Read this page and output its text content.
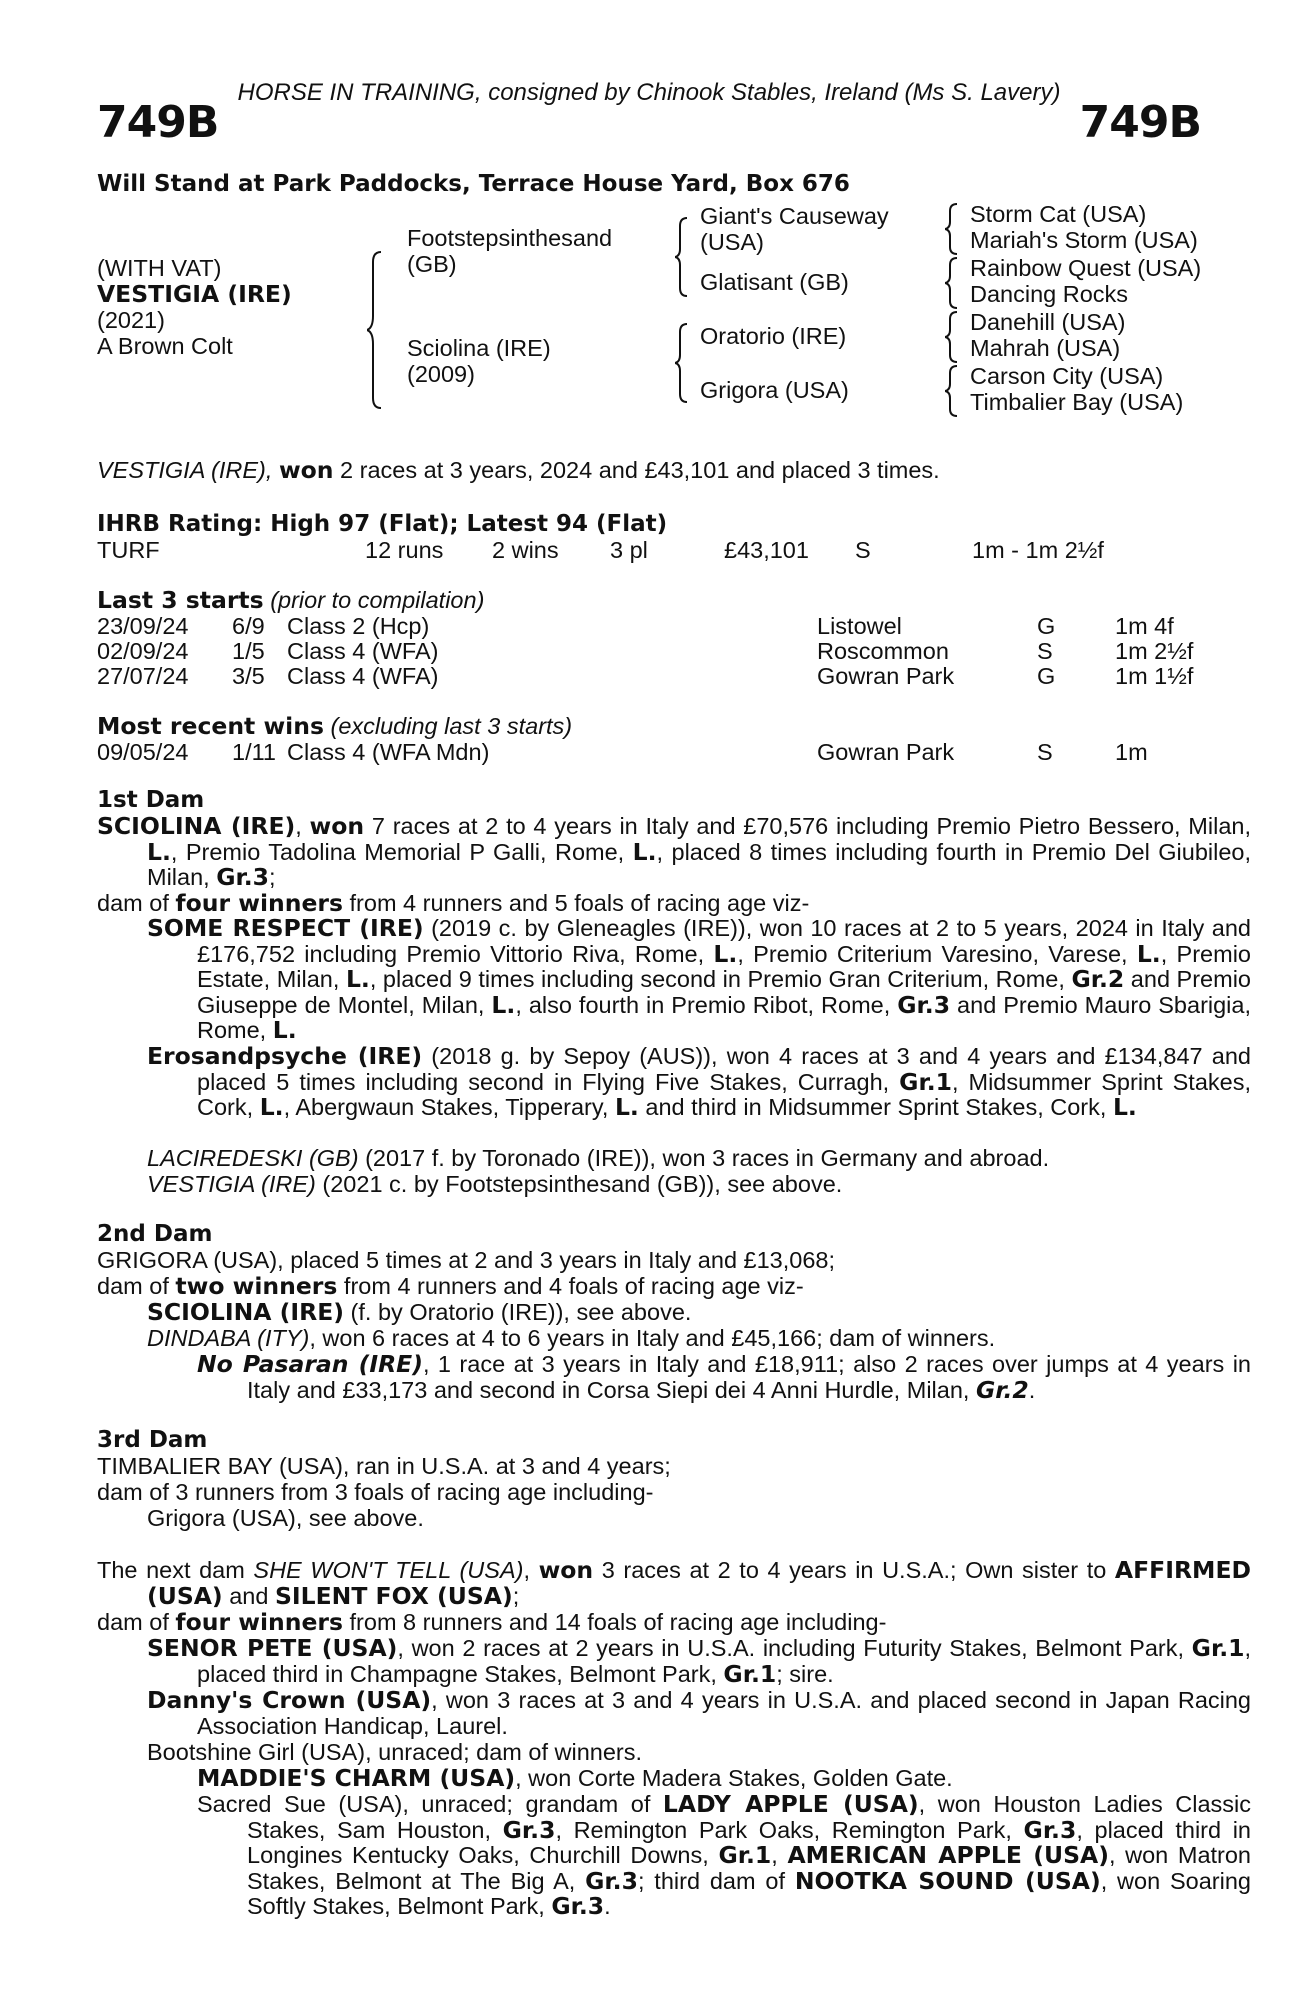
HORSE IN TRAINING, consigned by Chinook Stables, Ireland (Ms S. Lavery)
749B	749B
Will Stand at Park Paddocks, Terrace House Yard, Box 676
(WITH VAT)
VESTIGIA (IRE)
(2021)
A Brown Colt
Footstepsinthesand
(GB)
Sciolina (IRE)
(2009)
Giant's Causeway
(USA)
Glatisant (GB)
Oratorio (IRE)
Grigora (USA)
Storm Cat (USA)
Mariah's Storm (USA)
Rainbow Quest (USA)
Dancing Rocks
Danehill (USA)
Mahrah (USA)
Carson City (USA)
Timbalier Bay (USA)
VESTIGIA (IRE), won 2 races at 3 years, 2024 and £43,101 and placed 3 times.
IHRB Rating: High 97 (Flat); Latest 94 (Flat)
TURF	12 runs 2 wins 3 pl	£43,101 S	1m - 1m 2½f
Last 3 starts (prior to compilation)
23/09/24 6/9 Class 2 (Hcp)	Listowel	G	1m 4f
02/09/24 1/5 Class 4 (WFA)	Roscommon	S	1m 2½f
27/07/24 3/5 Class 4 (WFA)	Gowran Park	G	1m 1½f
Most recent wins (excluding last 3 starts)
09/05/24 1/11 Class 4 (WFA Mdn)	Gowran Park	S	1m
1st Dam
SCIOLINA (IRE), won 7 races at 2 to 4 years in Italy and £70,576 including Premio Pietro Bessero, Milan, L., Premio Tadolina Memorial P Galli, Rome, L., placed 8 times including fourth in Premio Del Giubileo, Milan, Gr.3;
dam of four winners from 4 runners and 5 foals of racing age viz-
SOME RESPECT (IRE) (2019 c. by Gleneagles (IRE)), won 10 races at 2 to 5 years, 2024 in Italy and £176,752 including Premio Vittorio Riva, Rome, L., Premio Criterium Varesino, Varese, L., Premio Estate, Milan, L., placed 9 times including second in Premio Gran Criterium, Rome, Gr.2 and Premio Giuseppe de Montel, Milan, L., also fourth in Premio Ribot, Rome, Gr.3 and Premio Mauro Sbarigia, Rome, L.
Erosandpsyche (IRE) (2018 g. by Sepoy (AUS)), won 4 races at 3 and 4 years and £134,847 and placed 5 times including second in Flying Five Stakes, Curragh, Gr.1, Midsummer Sprint Stakes, Cork, L., Abergwaun Stakes, Tipperary, L. and third in Midsummer Sprint Stakes, Cork, L.
LACIREDESKI (GB) (2017 f. by Toronado (IRE)), won 3 races in Germany and abroad.
VESTIGIA (IRE) (2021 c. by Footstepsinthesand (GB)), see above.
2nd Dam
GRIGORA (USA), placed 5 times at 2 and 3 years in Italy and £13,068;
dam of two winners from 4 runners and 4 foals of racing age viz-
SCIOLINA (IRE) (f. by Oratorio (IRE)), see above.
DINDABA (ITY), won 6 races at 4 to 6 years in Italy and £45,166; dam of winners.
No Pasaran (IRE), 1 race at 3 years in Italy and £18,911; also 2 races over jumps at 4 years in Italy and £33,173 and second in Corsa Siepi dei 4 Anni Hurdle, Milan, Gr.2.
3rd Dam
TIMBALIER BAY (USA), ran in U.S.A. at 3 and 4 years;
dam of 3 runners from 3 foals of racing age including-
Grigora (USA), see above.
The next dam SHE WON'T TELL (USA), won 3 races at 2 to 4 years in U.S.A.; Own sister to AFFIRMED (USA) and SILENT FOX (USA);
dam of four winners from 8 runners and 14 foals of racing age including-
SENOR PETE (USA), won 2 races at 2 years in U.S.A. including Futurity Stakes, Belmont Park, Gr.1, placed third in Champagne Stakes, Belmont Park, Gr.1; sire.
Danny's Crown (USA), won 3 races at 3 and 4 years in U.S.A. and placed second in Japan Racing Association Handicap, Laurel.
Bootshine Girl (USA), unraced; dam of winners.
MADDIE'S CHARM (USA), won Corte Madera Stakes, Golden Gate.
Sacred Sue (USA), unraced; grandam of LADY APPLE (USA), won Houston Ladies Classic Stakes, Sam Houston, Gr.3, Remington Park Oaks, Remington Park, Gr.3, placed third in Longines Kentucky Oaks, Churchill Downs, Gr.1, AMERICAN APPLE (USA), won Matron Stakes, Belmont at The Big A, Gr.3; third dam of NOOTKA SOUND (USA), won Soaring Softly Stakes, Belmont Park, Gr.3.
